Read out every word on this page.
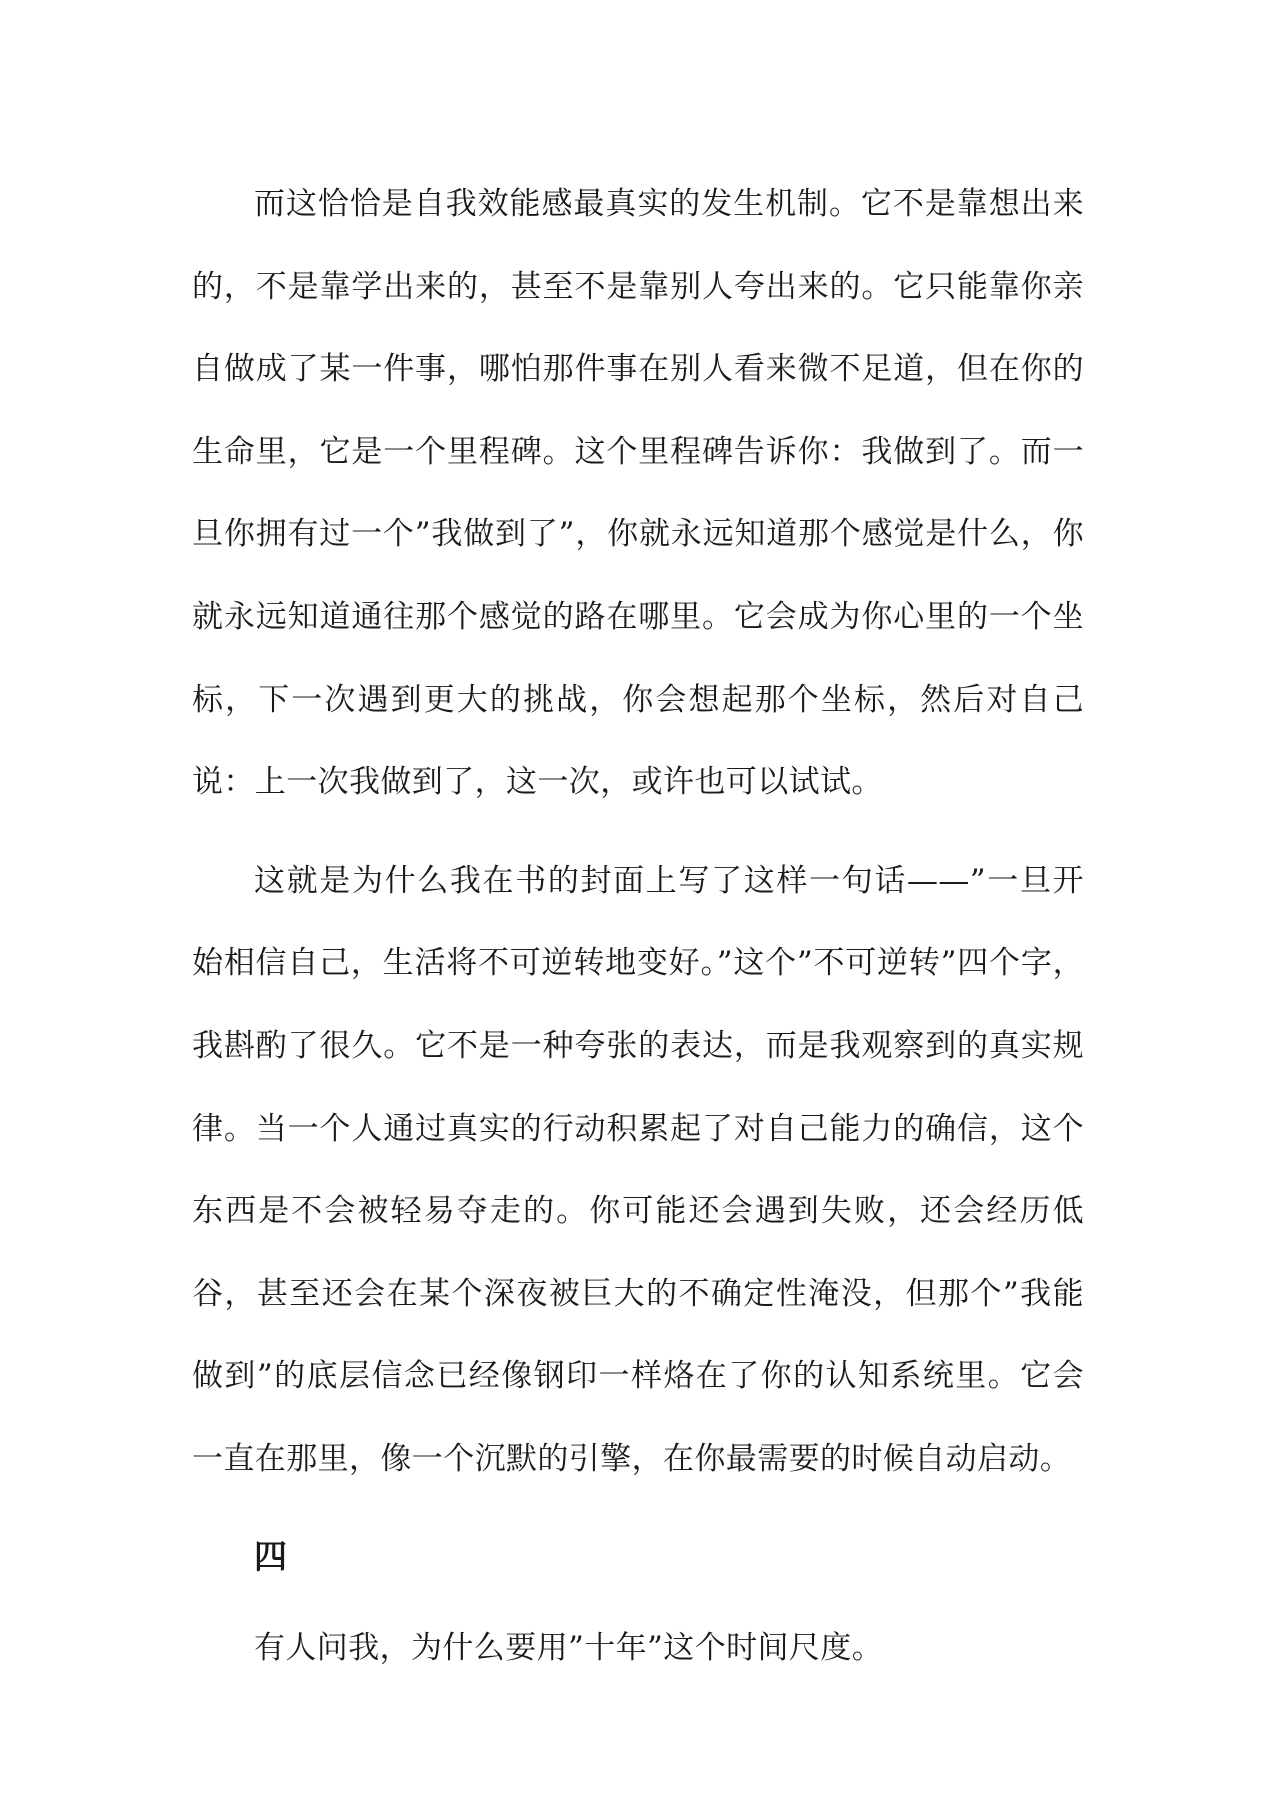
而这恰恰是自我效能感最真实的发生机制。它不是靠想出来的，不是靠学出来的，甚至不是靠别人夸出来的。它只能靠你亲自做成了某一件事，哪怕那件事在别人看来微不足道，但在你的生命里，它是一个里程碑。这个里程碑告诉你：我做到了。而一旦你拥有过一个”我做到了”，你就永远知道那个感觉是什么，你就永远知道通往那个感觉的路在哪里。它会成为你心里的一个坐标，下一次遇到更大的挑战，你会想起那个坐标，然后对自己说：上一次我做到了，这一次，或许也可以试试。

这就是为什么我在书的封面上写了这样一句话——”一旦开始相信自己，生活将不可逆转地变好。”这个”不可逆转”四个字，我斟酌了很久。它不是一种夸张的表达，而是我观察到的真实规律。当一个人通过真实的行动积累起了对自己能力的确信，这个东西是不会被轻易夺走的。你可能还会遇到失败，还会经历低谷，甚至还会在某个深夜被巨大的不确定性淹没，但那个”我能做到”的底层信念已经像钢印一样烙在了你的认知系统里。它会一直在那里，像一个沉默的引擎，在你最需要的时候自动启动。

四

有人问我，为什么要用”十年”这个时间尺度。
